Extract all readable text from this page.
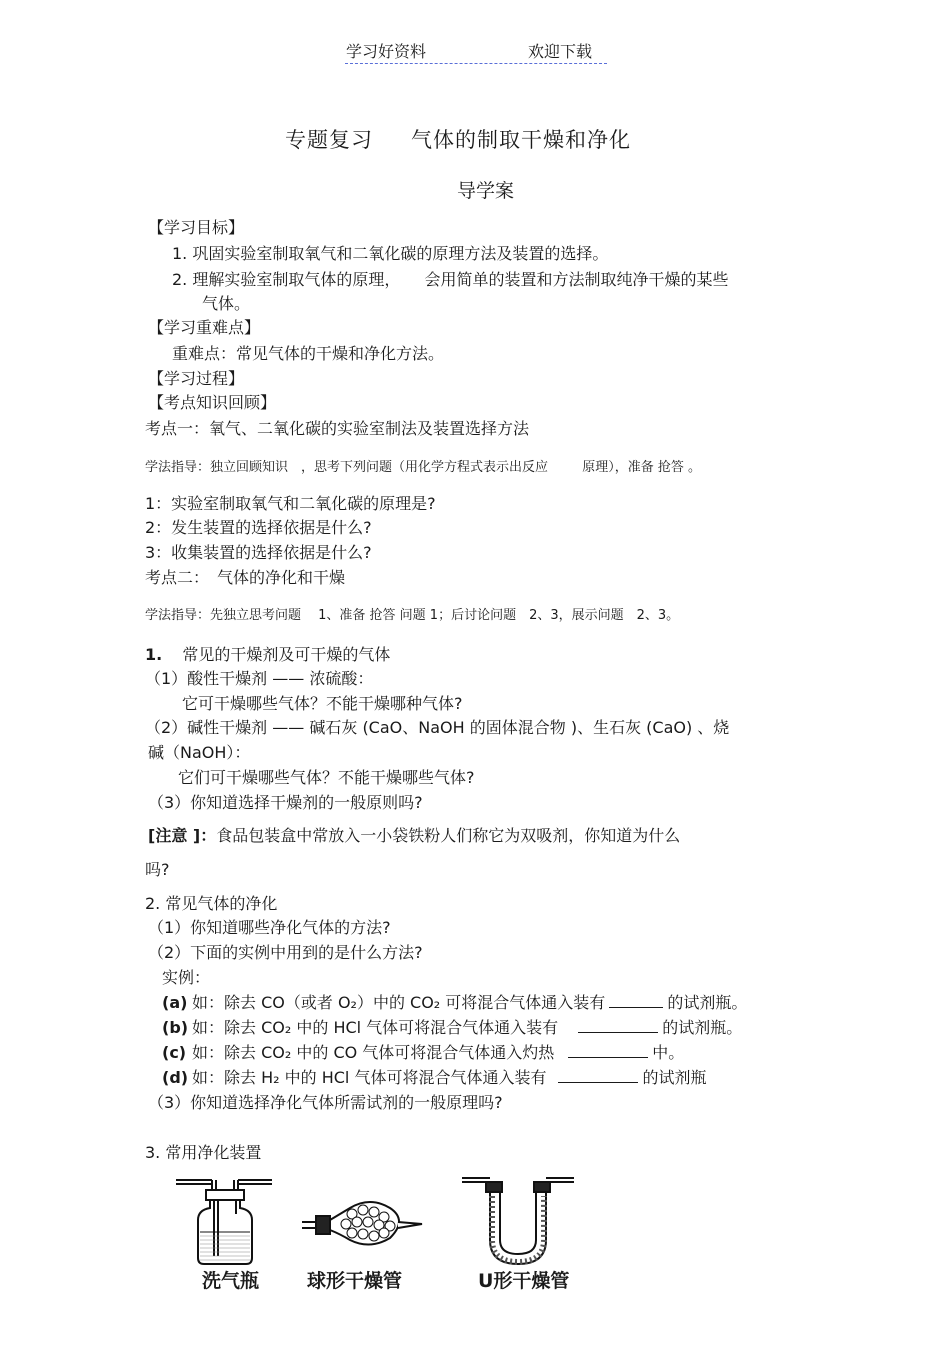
学习好资料	欢迎下载
专题复习 气体的制取干燥和净化
导学案
【学习目标】
1. 巩固实验室制取氧气和二氧化碳的原理方法及装置的选择。
2. 理解实验室制取气体的原理， 会用简单的装置和方法制取纯净干燥的某些
气体。
【学习重难点】
重难点：常见气体的干燥和净化方法。
【学习过程】
【考点知识回顾】
考点一：氧气、二氧化碳的实验室制法及装置选择方法
学法指导：独立回顾知识　，思考下列问题（用化学方程式表示出反应	原理），准备 抢答 。
1：实验室制取氧气和二氧化碳的原理是?
2：发生装置的选择依据是什么?
3：收集装置的选择依据是什么?
考点二：　气体的净化和干燥
学法指导：先独立思考问题　 1、准备 抢答 问题 1；后讨论问题　2、3，展示问题　2、3。
1. 常见的干燥剂及可干燥的气体
（1）酸性干燥剂 —— 浓硫酸：
它可干燥哪些气体？不能干燥哪种气体?
（2）碱性干燥剂 —— 碱石灰 (CaO、NaOH 的固体混合物 )、生石灰 (CaO) 、烧
碱（NaOH）：
它们可干燥哪些气体？不能干燥哪些气体?
（3）你知道选择干燥剂的一般原则吗?
[注意 ]：食品包装盒中常放入一小袋铁粉人们称它为双吸剂，你知道为什么
吗?
2. 常见气体的净化
（1）你知道哪些净化气体的方法?
（2）下面的实例中用到的是什么方法?
实例：
(a) 如：除去 CO（或者 O₂）中的 CO₂ 可将混合气体通入装有	的试剂瓶。
(b) 如：除去 CO₂ 中的 HCl 气体可将混合气体通入装有	的试剂瓶。
(c) 如：除去 CO₂ 中的 CO 气体可将混合气体通入灼热	中。
(d) 如：除去 H₂ 中的 HCl 气体可将混合气体通入装有	的试剂瓶
（3）你知道选择净化气体所需试剂的一般原理吗?
3. 常用净化装置
洗气瓶	球形干燥管	U形干燥管
